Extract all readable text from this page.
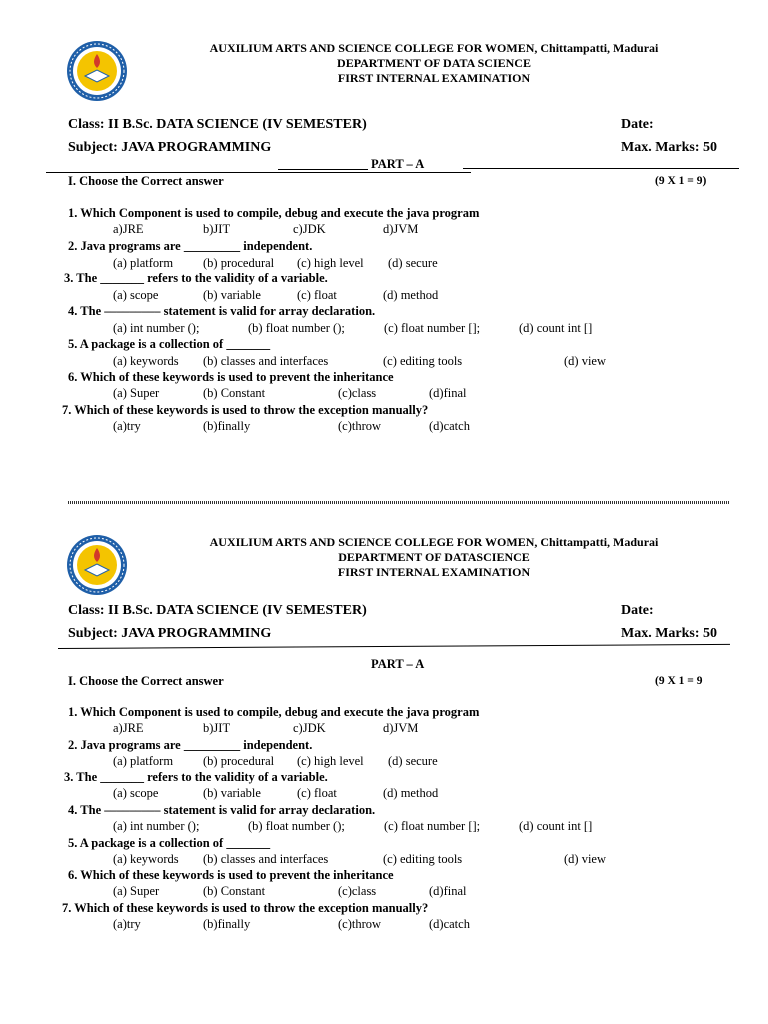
AUXILIUM ARTS AND SCIENCE COLLEGE FOR WOMEN, Chittampatti, Madurai
DEPARTMENT OF DATA SCIENCE
FIRST INTERNAL EXAMINATION
Class: II B.Sc. DATA SCIENCE (IV SEMESTER)	Date:
Subject: JAVA PROGRAMMING	Max. Marks: 50
PART – A
I. Choose the Correct answer	(9 X 1 = 9)
1. Which Component is used to compile, debug and execute the java program
a)JRE	b)JIT	c)JDK	d)JVM
2. Java programs are _________ independent.
(a) platform (b) procedural (c) high level (d) secure
3. The _______ refers to the validity of a variable.
(a) scope	(b) variable	(c) float	(d) method
4. The ––––––––– statement is valid for array declaration.
(a) int number ();	(b) float number ();	(c) float number [];	(d) count int []
5. A package is a collection of _______
(a) keywords (b) classes and interfaces	(c) editing tools	(d) view
6. Which of these keywords is used to prevent the inheritance
(a) Super	(b) Constant	(c)class	(d)final
7. Which of these keywords is used to throw the exception manually?
(a)try	(b)finally	(c)throw	(d)catch
AUXILIUM ARTS AND SCIENCE COLLEGE FOR WOMEN, Chittampatti, Madurai
DEPARTMENT OF DATASCIENCE
FIRST INTERNAL EXAMINATION
Class: II B.Sc. DATA SCIENCE (IV SEMESTER)	Date:
Subject: JAVA PROGRAMMING	Max. Marks: 50
PART – A
I. Choose the Correct answer	(9 X 1 = 9
1. Which Component is used to compile, debug and execute the java program
a)JRE	b)JIT	c)JDK	d)JVM
2. Java programs are _________ independent.
(a) platform (b) procedural (c) high level (d) secure
3. The _______ refers to the validity of a variable.
(a) scope	(b) variable	(c) float	(d) method
4. The ––––––––– statement is valid for array declaration.
(a) int number ();	(b) float number ();	(c) float number [];	(d) count int []
5. A package is a collection of _______
(a) keywords (b) classes and interfaces	(c) editing tools	(d) view
6. Which of these keywords is used to prevent the inheritance
(a) Super	(b) Constant	(c)class	(d)final
7. Which of these keywords is used to throw the exception manually?
(a)try	(b)finally	(c)throw	(d)catch
